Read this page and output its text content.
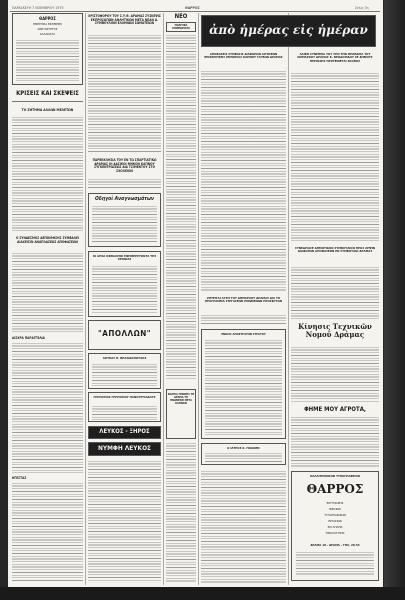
ΠΑΡΑΣΚΕΥΗ 7 ΝΟΕΜΒΡΙΟΥ 1975	ΘΑΡΡΟΣ	Σελίς 3η
ΘΑΡΡΟΣ
ΗΜΕΡΗΣΙΑ ΕΦΗΜΕΡΙΣ
ΑΝΕΞΑΡΤΗΤΟΣ
ΚΑΛΑΜΑΤΑ
ΚΡΙΣΕΙΣ ΚΑΙ ΣΚΕΨΕΙΣ
ΤΟ ΖΗΤΗΜΑ ΑΛΛΩΝ ΜΕΛΕΤΩΝ
Ο ΣΥΝΔΕΣΜΟΣ ΔΕΠΟΙΘΗΣΗΣ ΣΥΜΒΑΛΕΙ ΔΙΑΧΕΙΣΙΝ ΑΝΑΠΛΑΣΕΩΣ ΑΠΟΦΑΣΕΩΝ
ΑΙΣΧΡΑ ΠΑΡΑΓΓΕΛΙΑ
ΗΓΕΣΤΑΣ
ΧΡΙΣΤΟΦΟΡΟΥ ΤΟΥ Σ.Υ.Θ. ΔΡΑΜΑΣ ΣΥΣΚΕΨΙΣ ΕΚΠΡΟΣΩΠΩΝ ΑΘΛΗΤΙΚΩΝ ΜΕΤΑ ΝΕΑΝ Δ. ΣΥΜΒΟΥΛΙΟΝ ΕΛΛΗΝΩΝ ΣΩΜΑΤΕΙΩΝ
ΠΑΡΕΚΚΛΗΣΙΑ ΤΟΥ ΕΝ ΤΩ ΣΠΑΡΤΙΑΤΙΚΩ ΔΡΑΜΑΣ ΟΙ ΔΑΣΙΚΟΙ ΜΗΚΟΝ ΚΑΠΝΟΥ ΣΥΓΚΕΝΤΡΩΣΕΩΣ ΔΙΑ ΤΣΙΜΕΝΤΟΥ ΣΤΟ ΣΧΟΛΕΙΟΝ
Οδηγοί Αναγνωσμάτων
ΟΙ ΑΡΧΑ ΟΦΘΑΛΜΟΙ ΕΦΗΜΕΡΕΥΟΝΤΑ ΤΗΣ ΧΡΟΝΙΑΣ
"ΑΠΟΛΛΩΝ"
ΛΟΥΚΑΣ Π. ΒΡΑΣΙΔΟΠΟΥΛΟΣ
ΓΡΗΓΟΡΙΟΣ ΓΡΗΓΟΡΙΟΥ ΠΑΝΟΥΡΓΙΑΔΟΥΣ
ΛΕΥΚΟΣ - ΞΗΡΟΣ
ΝΥΜΦΗ ΛΕΥΚΟΣ
ΝΕΟ
ΠΟΛΙΤΙΚΑ ΣΗΜΕΙΩΜΑΤΑ
ΣΚΟΠΙΑ ΓΕΝΙΚΗΣ ΤΗ ΔΡΑΜΑ ΤΗ ΗΝΩΜΕΝΗ ΜΕΤΑ ΚΑΠΝΟΝ
ἀπὸ ἡμέρας εἰς ἡμέραν
ΑΠΟΦΑΣΕΙΣ ΣΥΜΒΑΣΙΣ ΔΙΑΦΟΡΩΝ ΑΙΤΗΣΕΩΝ ΕΠΙΧΕΙΡΗΣΕΙΣ ΕΜΠΟΡΙΑΣ ΚΑΠΝΟΥ ΤΑΞΕΩΝ ΔΡΑΜΑΣ
ΖΗΤΕΙΤΑΙ ΛΥΣΗ ΤΟΥ ΔΗΜΑΡΧΟΥ ΔΡΑΜΑΣ ΔΙΑ ΤΟ ΠΡΟΓΡΑΜΜΑ ΣΤΕΓΑΣΕΩΝ ΗΝΩΜΕΝΩΝ ΠΡΟΣΦΥΓΩΝ
ΕΝΩΣΙΣ ΑΠΟΣΤΡΑΤΩΝ ΣΤΡΑΤΟΥ
Ο ΙΑΤΡΟΣ Κ. ΓΚΙΩΝΗΣ
ΛΑΙΚΗ ΣΥΝΕΠΕΙΑ ΤΟΥ ΥΠΟ ΤΗΝ ΠΡΟΕΔΡΙΑ ΤΟΥ ΝΟΜΑΡΧΟΥ ΔΡΑΜΑΣ Κ. ΘΕΟΔΟΡΙΔΟΥ ΣΕ ΔΗΜΟΥΣ ΠΕΡΙΟΧΗΣ ΠΡΟΤΕΙΝΕΤΑΙ ΣΚΟΠΟΣ
ΣΥΝΕΔΡΙΑΣΕ ΔΗΜΟΤΙΚΟΝ ΣΥΜΒΟΥΛΙΟΝ ΠΡΟΣ ΛΗΨΙΝ ΔΙΑΦΟΡΩΝ ΑΠΟΦΑΣΕΩΝ ΕΝ ΣΥΜΒΟΥΛΙΩ ΔΡΑΜΑΣ
Κίνησις Τεχνικῶν Νομοῦ Δράμας
ΦΗΜΕ ΜΟΥ ΑΓΡΟΤΑ,
ΚΑΛΛΙΤΕΧΝΙΚΟΝ ΤΥΠΟΓΡΑΦΕΙΟΝ
ΘΑΡΡΟΣ
ΕΚΤΥΠΩΣΕΙΣ
ΒΙΒΛΙΩΝ
ΤΥΠΟΓΡΑΦΙΚΩΝ
ΕΡΓΑΣΙΩΝ
ΕΙΣ ΑΠΛΗΝ
ΤΙΜΟΛΟΓΗΣΙΝ
ΔΡΑΜΑ 18 - ΔΡΑΜΑ - ΤΗΛ. 28-53
